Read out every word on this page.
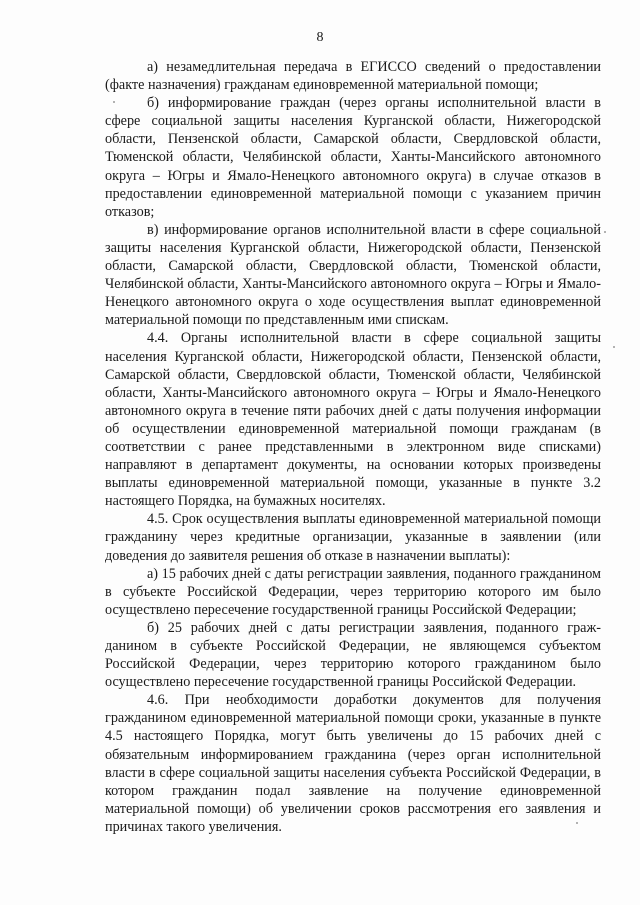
8

а) незамедлительная передача в ЕГИССО сведений о предоставлении (факте назначения) гражданам единовременной материальной помощи;

б) информирование граждан (через органы исполнительной власти в сфере социальной защиты населения Курганской области, Нижегородской области, Пензенской области, Самарской области, Свердловской области, Тюменской области, Челябинской области, Ханты-Мансийского автономного округа – Югры и Ямало-Ненецкого автономного округа) в случае отказов в предоставлении единовременной материальной помощи с указанием причин отказов;

в) информирование органов исполнительной власти в сфере социальной защиты населения Курганской области, Нижегородской области, Пензенской области, Самарской области, Свердловской области, Тюменской области, Челябинской области, Ханты-Мансийского автономного округа – Югры и Ямало-Ненецкого автономного округа о ходе осуществления выплат единовременной материальной помощи по представленным ими спискам.

4.4. Органы исполнительной власти в сфере социальной защиты населения Курганской области, Нижегородской области, Пензенской области, Самарской области, Свердловской области, Тюменской области, Челябинской области, Ханты-Мансийского автономного округа – Югры и Ямало-Ненецкого автономного округа в течение пяти рабочих дней с даты получения информации об осуществлении единовременной материальной помощи гражданам (в соответствии с ранее представленными в электронном виде списками) направляют в департамент документы, на основании которых произведены выплаты единовременной материальной помощи, указанные в пункте 3.2 настоящего Порядка, на бумажных носителях.

4.5. Срок осуществления выплаты единовременной материальной помощи гражданину через кредитные организации, указанные в заявлении (или доведения до заявителя решения об отказе в назначении выплаты):

а) 15 рабочих дней с даты регистрации заявления, поданного гражданином в субъекте Российской Федерации, через территорию которого им было осуществлено пересечение государственной границы Российской Федерации;

б) 25 рабочих дней с даты регистрации заявления, поданного гражданином в субъекте Российской Федерации, не являющемся субъектом Российской Федерации, через территорию которого гражданином было осуществлено пересечение государственной границы Российской Федерации.

4.6. При необходимости доработки документов для получения гражданином единовременной материальной помощи сроки, указанные в пункте 4.5 настоящего Порядка, могут быть увеличены до 15 рабочих дней с обязательным информированием гражданина (через орган исполнительной власти в сфере социальной защиты населения субъекта Российской Федерации, в котором гражданин подал заявление на получение единовременной материальной помощи) об увеличении сроков рассмотрения его заявления и причинах такого увеличения.
